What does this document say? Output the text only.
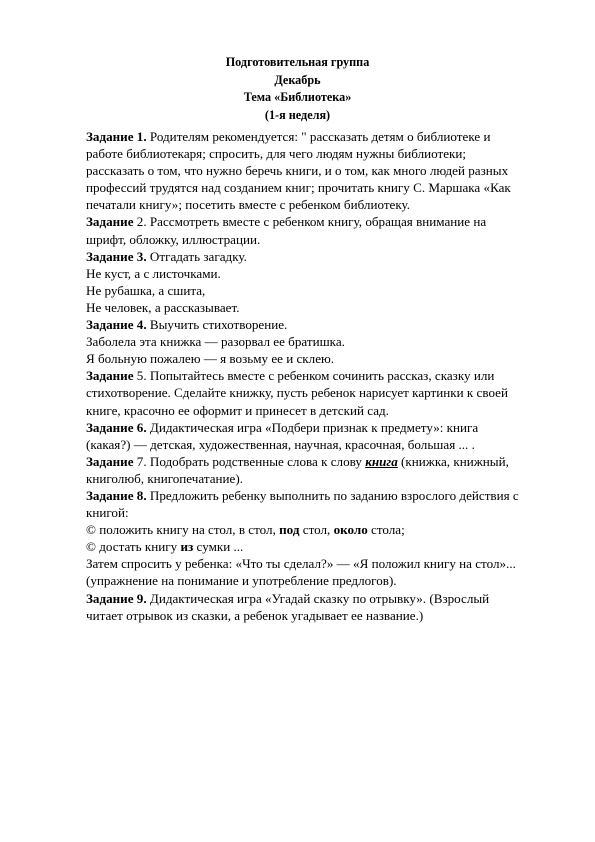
Подготовительная группа
Декабрь
Тема «Библиотека»
(1-я неделя)
Задание 1. Родителям рекомендуется: " рассказать детям о библиотеке и
работе библиотекаря; спросить, для чего людям нужны библиотеки;
рассказать о том, что нужно беречь книги, и о том, как много людей разных
профессий трудятся над созданием книг; прочитать книгу С. Маршака «Как
печатали книгу»; посетить вместе с ребенком библиотеку.
Задание 2. Рассмотреть вместе с ребенком книгу, обращая внимание на
шрифт, обложку, иллюстрации.
Задание 3. Отгадать загадку.
Не куст, а с листочками.
Не рубашка, а сшита,
Не человек, а рассказывает.
Задание 4. Выучить стихотворение.
Заболела эта книжка — разорвал ее братишка.
Я больную пожалею — я возьму ее и склею.
Задание 5. Попытайтесь вместе с ребенком сочинить рассказ, сказку или
стихотворение. Сделайте книжку, пусть ребенок нарисует картинки к своей
книге, красочно ее оформит и принесет в детский сад.
Задание 6. Дидактическая игра «Подбери признак к предмету»: книга
(какая?) — детская, художественная, научная, красочная, большая ... .
Задание 7. Подобрать родственные слова к слову книга (книжка, книжный,
книголюб, книгопечатание).
Задание 8. Предложить ребенку выполнить по заданию взрослого действия с
книгой:
© положить книгу на стол, в стол, под стол, около стола;
© достать книгу из сумки ...
Затем спросить у ребенка: «Что ты сделал?» — «Я положил книгу на стол»...
(упражнение на понимание и употребление предлогов).
Задание 9. Дидактическая игра «Угадай сказку по отрывку». (Взрослый
читает отрывок из сказки, а ребенок угадывает ее название.)
